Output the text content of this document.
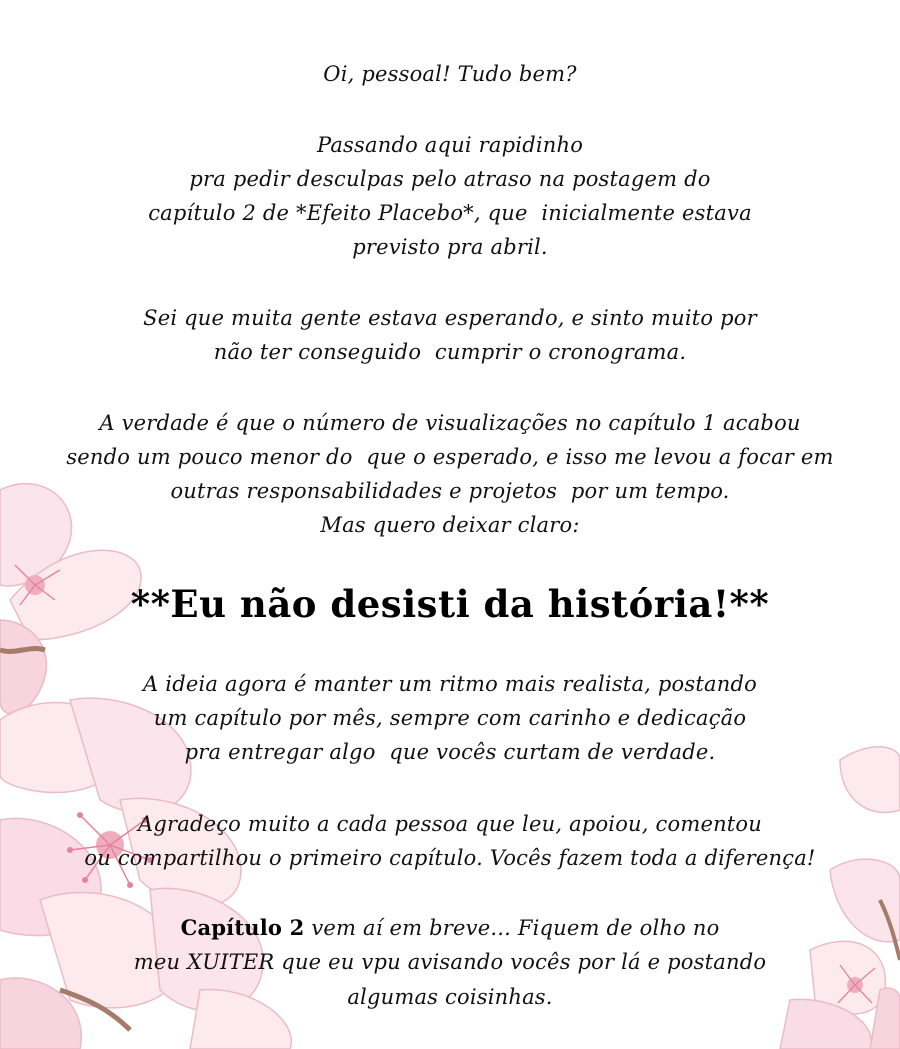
Oi, pessoal! Tudo bem?
Passando aqui rapidinho
pra pedir desculpas pelo atraso na postagem do
capítulo 2 de *Efeito Placebo*, que  inicialmente estava
previsto pra abril.
Sei que muita gente estava esperando, e sinto muito por
não ter conseguido  cumprir o cronograma.
A verdade é que o número de visualizações no capítulo 1 acabou
sendo um pouco menor do  que o esperado, e isso me levou a focar em
outras responsabilidades e projetos  por um tempo.
Mas quero deixar claro:
**Eu não desisti da história!**
A ideia agora é manter um ritmo mais realista, postando
um capítulo por mês, sempre com carinho e dedicação
pra entregar algo  que vocês curtam de verdade.
Agradeço muito a cada pessoa que leu, apoiou, comentou
ou compartilhou o primeiro capítulo. Vocês fazem toda a diferença!
Capítulo 2 vem aí em breve... Fiquem de olho no
meu XUITER que eu vpu avisando vocês por lá e postando
algumas coisinhas.
